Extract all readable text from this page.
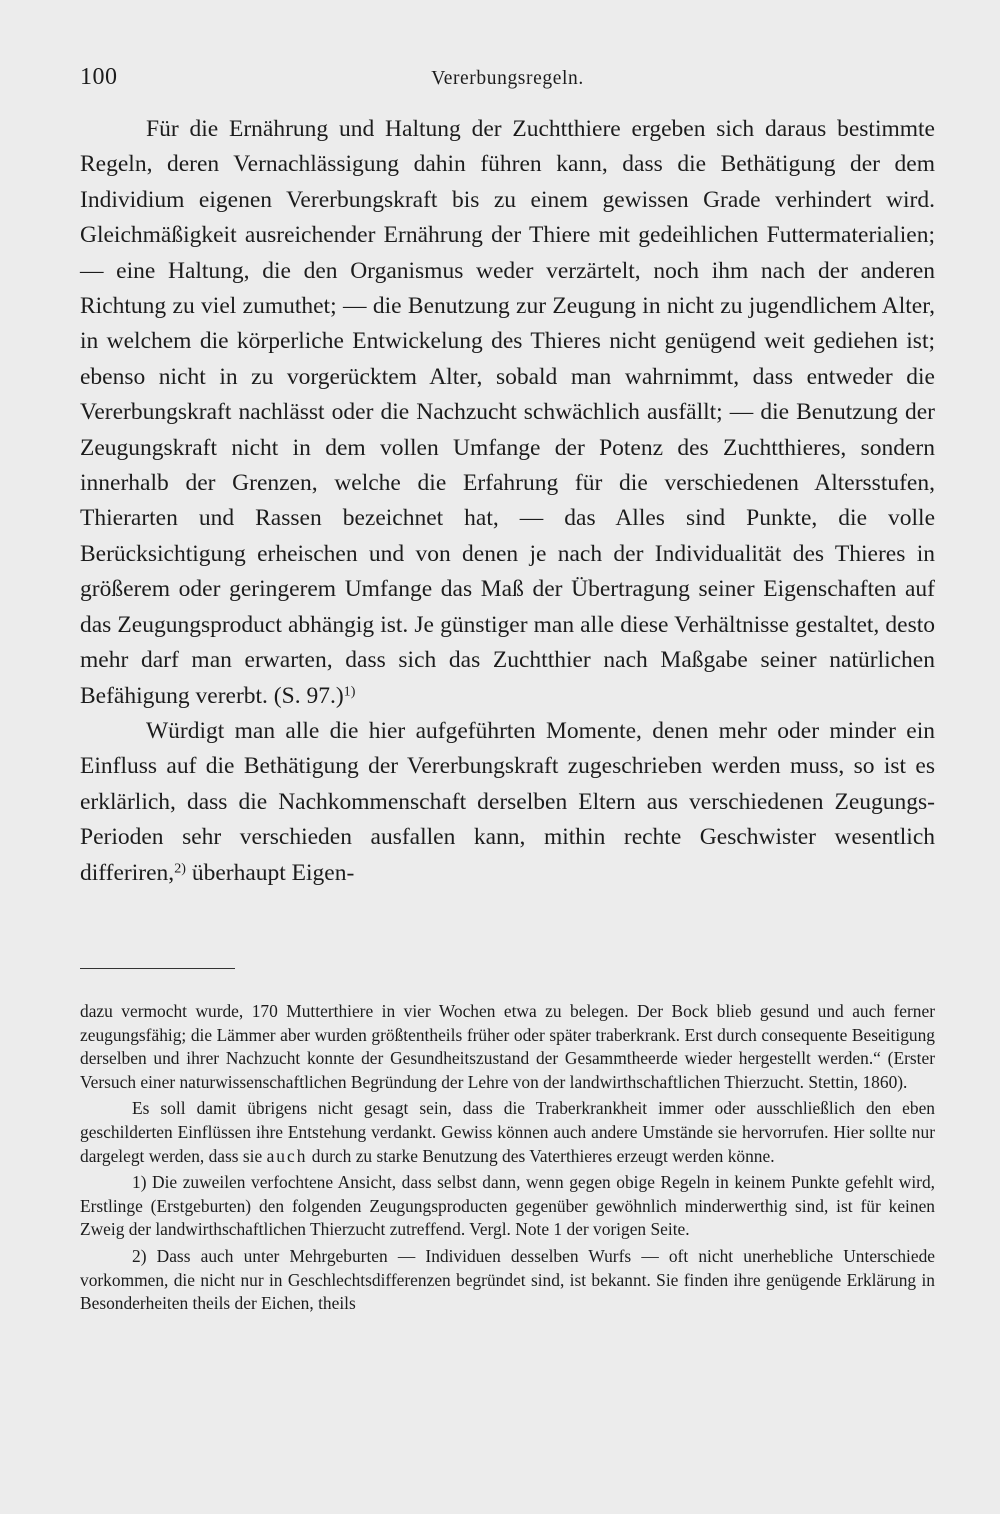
100	Vererbungsregeln.

Für die Ernährung und Haltung der Zuchtthiere ergeben sich daraus bestimmte Regeln, deren Vernachlässigung dahin führen kann, dass die Bethätigung der dem Individium eigenen Vererbungskraft bis zu einem gewissen Grade verhindert wird. Gleichmäßigkeit ausreichender Ernährung der Thiere mit gedeihlichen Futtermaterialien; — eine Haltung, die den Organismus weder verzärtelt, noch ihm nach der anderen Richtung zu viel zumuthet; — die Benutzung zur Zeugung in nicht zu jugendlichem Alter, in welchem die körperliche Entwickelung des Thieres nicht genügend weit gediehen ist; ebenso nicht in zu vorgerücktem Alter, sobald man wahrnimmt, dass entweder die Vererbungskraft nachlässt oder die Nachzucht schwächlich ausfällt; — die Benutzung der Zeugungskraft nicht in dem vollen Umfange der Potenz des Zuchtthieres, sondern innerhalb der Grenzen, welche die Erfahrung für die verschiedenen Altersstufen, Thierarten und Rassen bezeichnet hat, — das Alles sind Punkte, die volle Berücksichtigung erheischen und von denen je nach der Individualität des Thieres in größerem oder geringerem Umfange das Maß der Übertragung seiner Eigenschaften auf das Zeugungsproduct abhängig ist. Je günstiger man alle diese Verhältnisse gestaltet, desto mehr darf man erwarten, dass sich das Zuchtthier nach Maßgabe seiner natürlichen Befähigung vererbt. (S. 97.)$^{1)}$

Würdigt man alle die hier aufgeführten Momente, denen mehr oder minder ein Einfluss auf die Bethätigung der Vererbungskraft zugeschrieben werden muss, so ist es erklärlich, dass die Nachkommenschaft derselben Eltern aus verschiedenen Zeugungs-Perioden sehr verschieden ausfallen kann, mithin rechte Geschwister wesentlich differiren,$^{2)}$ überhaupt Eigen-

dazu vermocht wurde, 170 Mutterthiere in vier Wochen etwa zu belegen. Der Bock blieb gesund und auch ferner zeugungsfähig; die Lämmer aber wurden größtentheils früher oder später traberkrank. Erst durch consequente Beseitigung derselben und ihrer Nachzucht konnte der Gesundheitszustand der Gesammtheerde wieder hergestellt werden.“ (Erster Versuch einer naturwissenschaftlichen Begründung der Lehre von der landwirthschaftlichen Thierzucht. Stettin, 1860).

Es soll damit übrigens nicht gesagt sein, dass die Traberkrankheit immer oder ausschließlich den eben geschilderten Einflüssen ihre Entstehung verdankt. Gewiss können auch andere Umstände sie hervorrufen. Hier sollte nur dargelegt werden, dass sie auch durch zu starke Benutzung des Vaterthieres erzeugt werden könne.

1) Die zuweilen verfochtene Ansicht, dass selbst dann, wenn gegen obige Regeln in keinem Punkte gefehlt wird, Erstlinge (Erstgeburten) den folgenden Zeugungsproducten gegenüber gewöhnlich minderwerthig sind, ist für keinen Zweig der landwirthschaftlichen Thierzucht zutreffend. Vergl. Note 1 der vorigen Seite.

2) Dass auch unter Mehrgeburten — Individuen desselben Wurfs — oft nicht unerhebliche Unterschiede vorkommen, die nicht nur in Geschlechtsdifferenzen begründet sind, ist bekannt. Sie finden ihre genügende Erklärung in Besonderheiten theils der Eichen, theils
